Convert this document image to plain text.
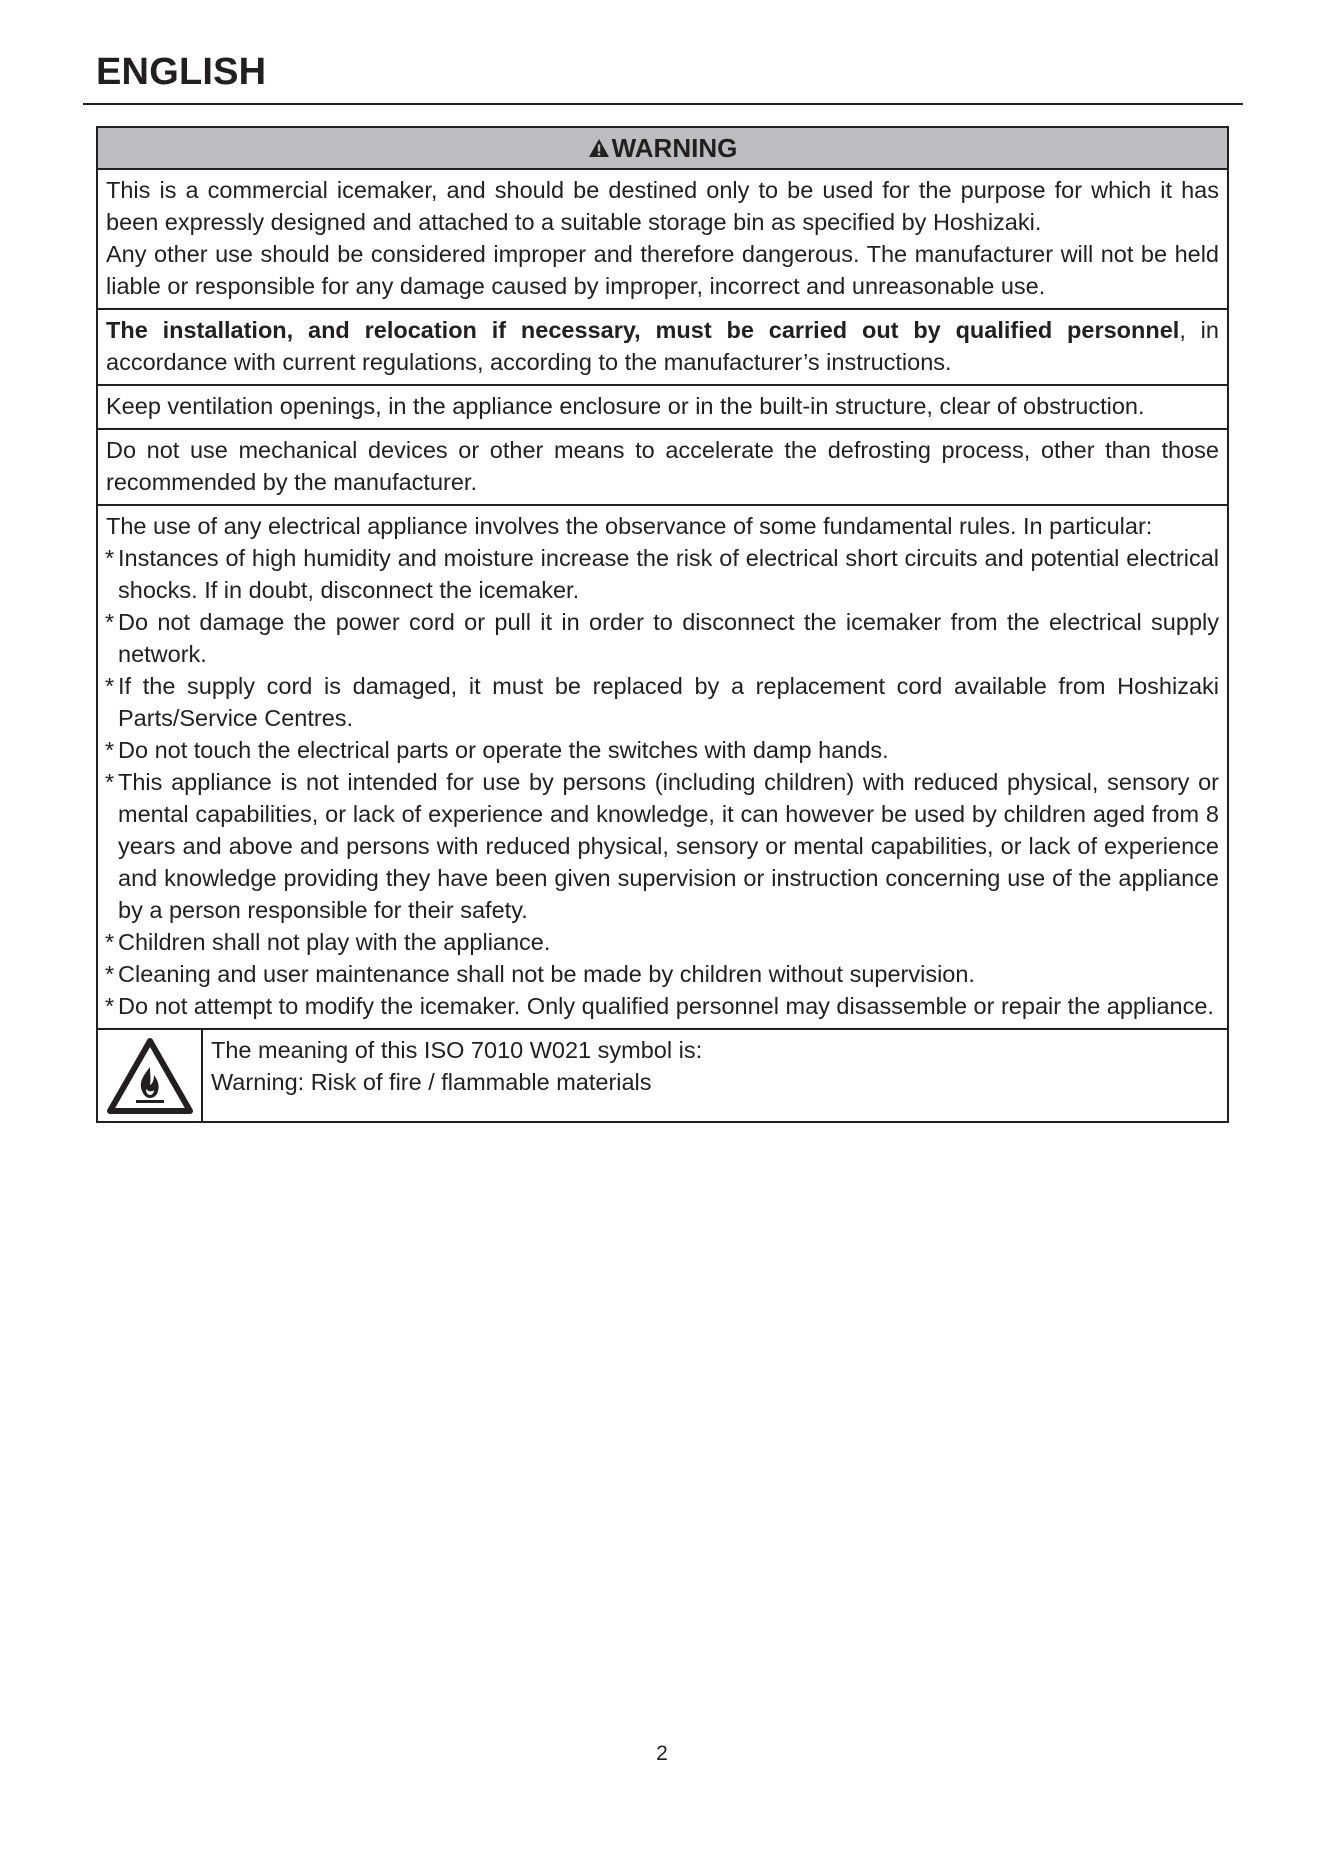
ENGLISH
WARNING

This is a commercial icemaker, and should be destined only to be used for the purpose for which it has been expressly designed and attached to a suitable storage bin as specified by Hoshizaki.

Any other use should be considered improper and therefore dangerous. The manufacturer will not be held liable or responsible for any damage caused by improper, incorrect and unreasonable use.

The installation, and relocation if necessary, must be carried out by qualified personnel, in accordance with current regulations, according to the manufacturer’s instructions.

Keep ventilation openings, in the appliance enclosure or in the built-in structure, clear of obstruction.

Do not use mechanical devices or other means to accelerate the defrosting process, other than those recommended by the manufacturer.

The use of any electrical appliance involves the observance of some fundamental rules. In particular:

* Instances of high humidity and moisture increase the risk of electrical short circuits and potential electrical shocks. If in doubt, disconnect the icemaker.
* Do not damage the power cord or pull it in order to disconnect the icemaker from the electrical supply network.
* If the supply cord is damaged, it must be replaced by a replacement cord available from Hoshizaki Parts/Service Centres.
* Do not touch the electrical parts or operate the switches with damp hands.
* This appliance is not intended for use by persons (including children) with reduced physical, sensory or mental capabilities, or lack of experience and knowledge, it can however be used by children aged from 8 years and above and persons with reduced physical, sensory or mental capabilities, or lack of experience and knowledge providing they have been given supervision or instruction concerning use of the appliance by a person responsible for their safety.
* Children shall not play with the appliance.
* Cleaning and user maintenance shall not be made by children without supervision.
* Do not attempt to modify the icemaker. Only qualified personnel may disassemble or repair the appliance.
The meaning of this ISO 7010 W021 symbol is:
Warning: Risk of fire / flammable materials
2
